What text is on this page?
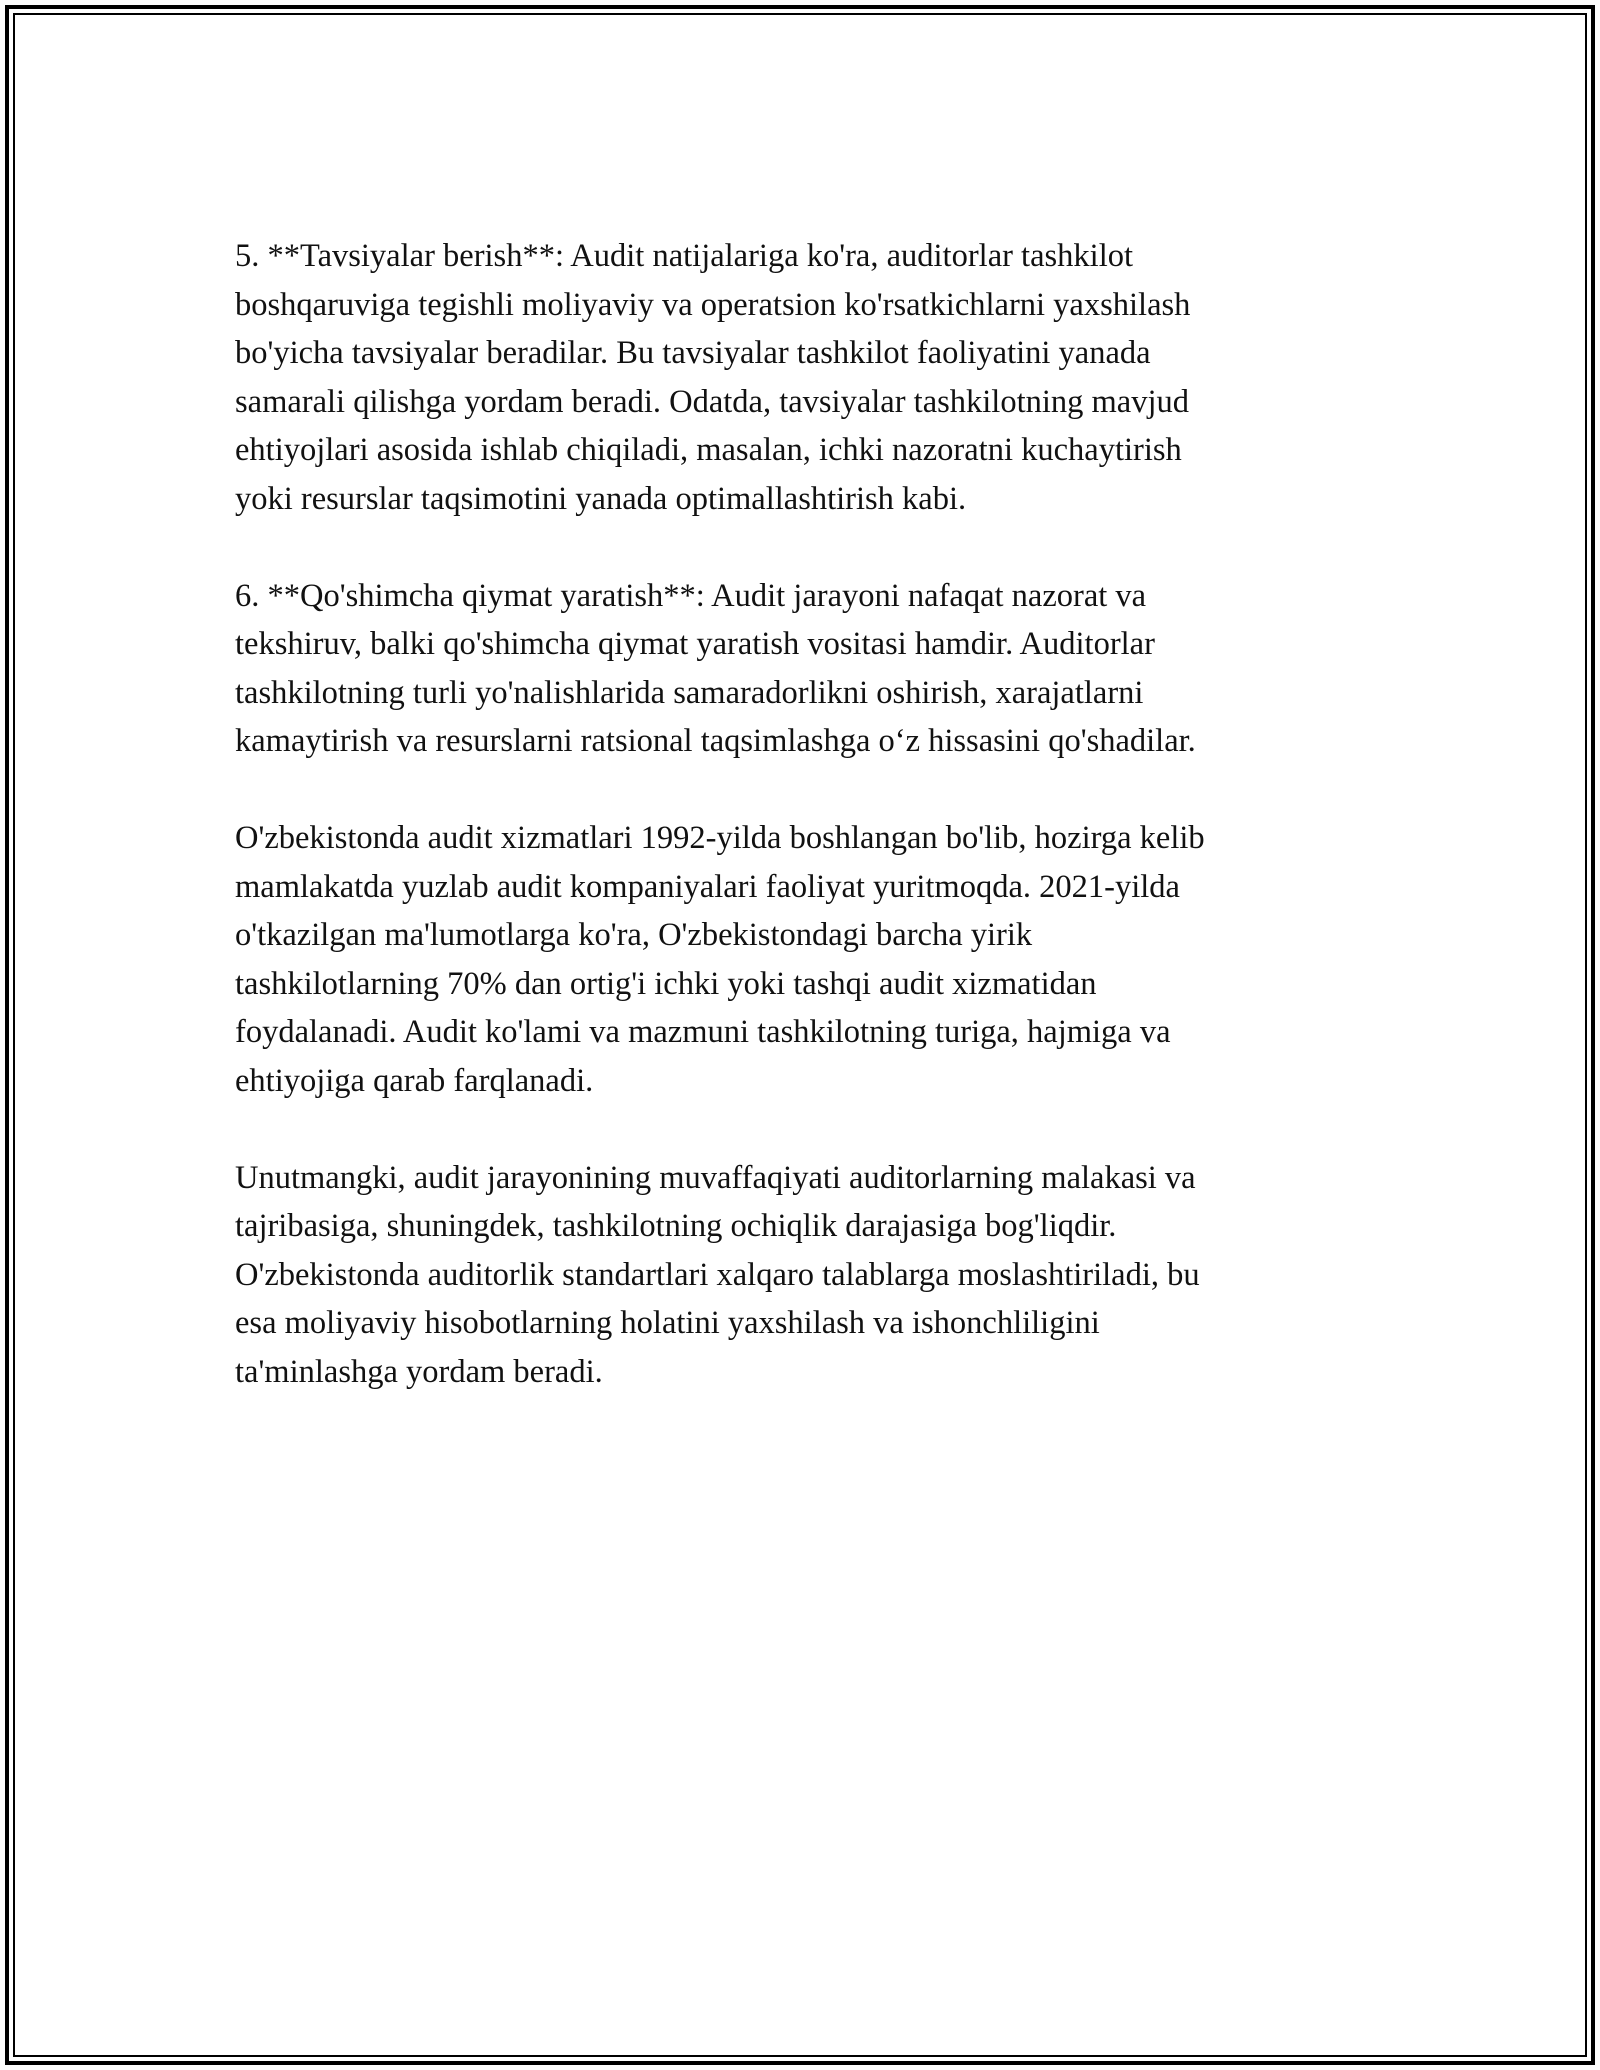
5. **Tavsiyalar berish**: Audit natijalariga ko'ra, auditorlar tashkilot
boshqaruviga tegishli moliyaviy va operatsion ko'rsatkichlarni yaxshilash
bo'yicha tavsiyalar beradilar. Bu tavsiyalar tashkilot faoliyatini yanada
samarali qilishga yordam beradi. Odatda, tavsiyalar tashkilotning mavjud
ehtiyojlari asosida ishlab chiqiladi, masalan, ichki nazoratni kuchaytirish
yoki resurslar taqsimotini yanada optimallashtirish kabi.

6. **Qo'shimcha qiymat yaratish**: Audit jarayoni nafaqat nazorat va
tekshiruv, balki qo'shimcha qiymat yaratish vositasi hamdir. Auditorlar
tashkilotning turli yo'nalishlarida samaradorlikni oshirish, xarajatlarni
kamaytirish va resurslarni ratsional taqsimlashga o‘z hissasini qo'shadilar.

O'zbekistonda audit xizmatlari 1992-yilda boshlangan bo'lib, hozirga kelib
mamlakatda yuzlab audit kompaniyalari faoliyat yuritmoqda. 2021-yilda
o'tkazilgan ma'lumotlarga ko'ra, O'zbekistondagi barcha yirik
tashkilotlarning 70% dan ortig'i ichki yoki tashqi audit xizmatidan
foydalanadi. Audit ko'lami va mazmuni tashkilotning turiga, hajmiga va
ehtiyojiga qarab farqlanadi.

Unutmangki, audit jarayonining muvaffaqiyati auditorlarning malakasi va
tajribasiga, shuningdek, tashkilotning ochiqlik darajasiga bog'liqdir.
O'zbekistonda auditorlik standartlari xalqaro talablarga moslashtiriladi, bu
esa moliyaviy hisobotlarning holatini yaxshilash va ishonchliligini
ta'minlashga yordam beradi.
